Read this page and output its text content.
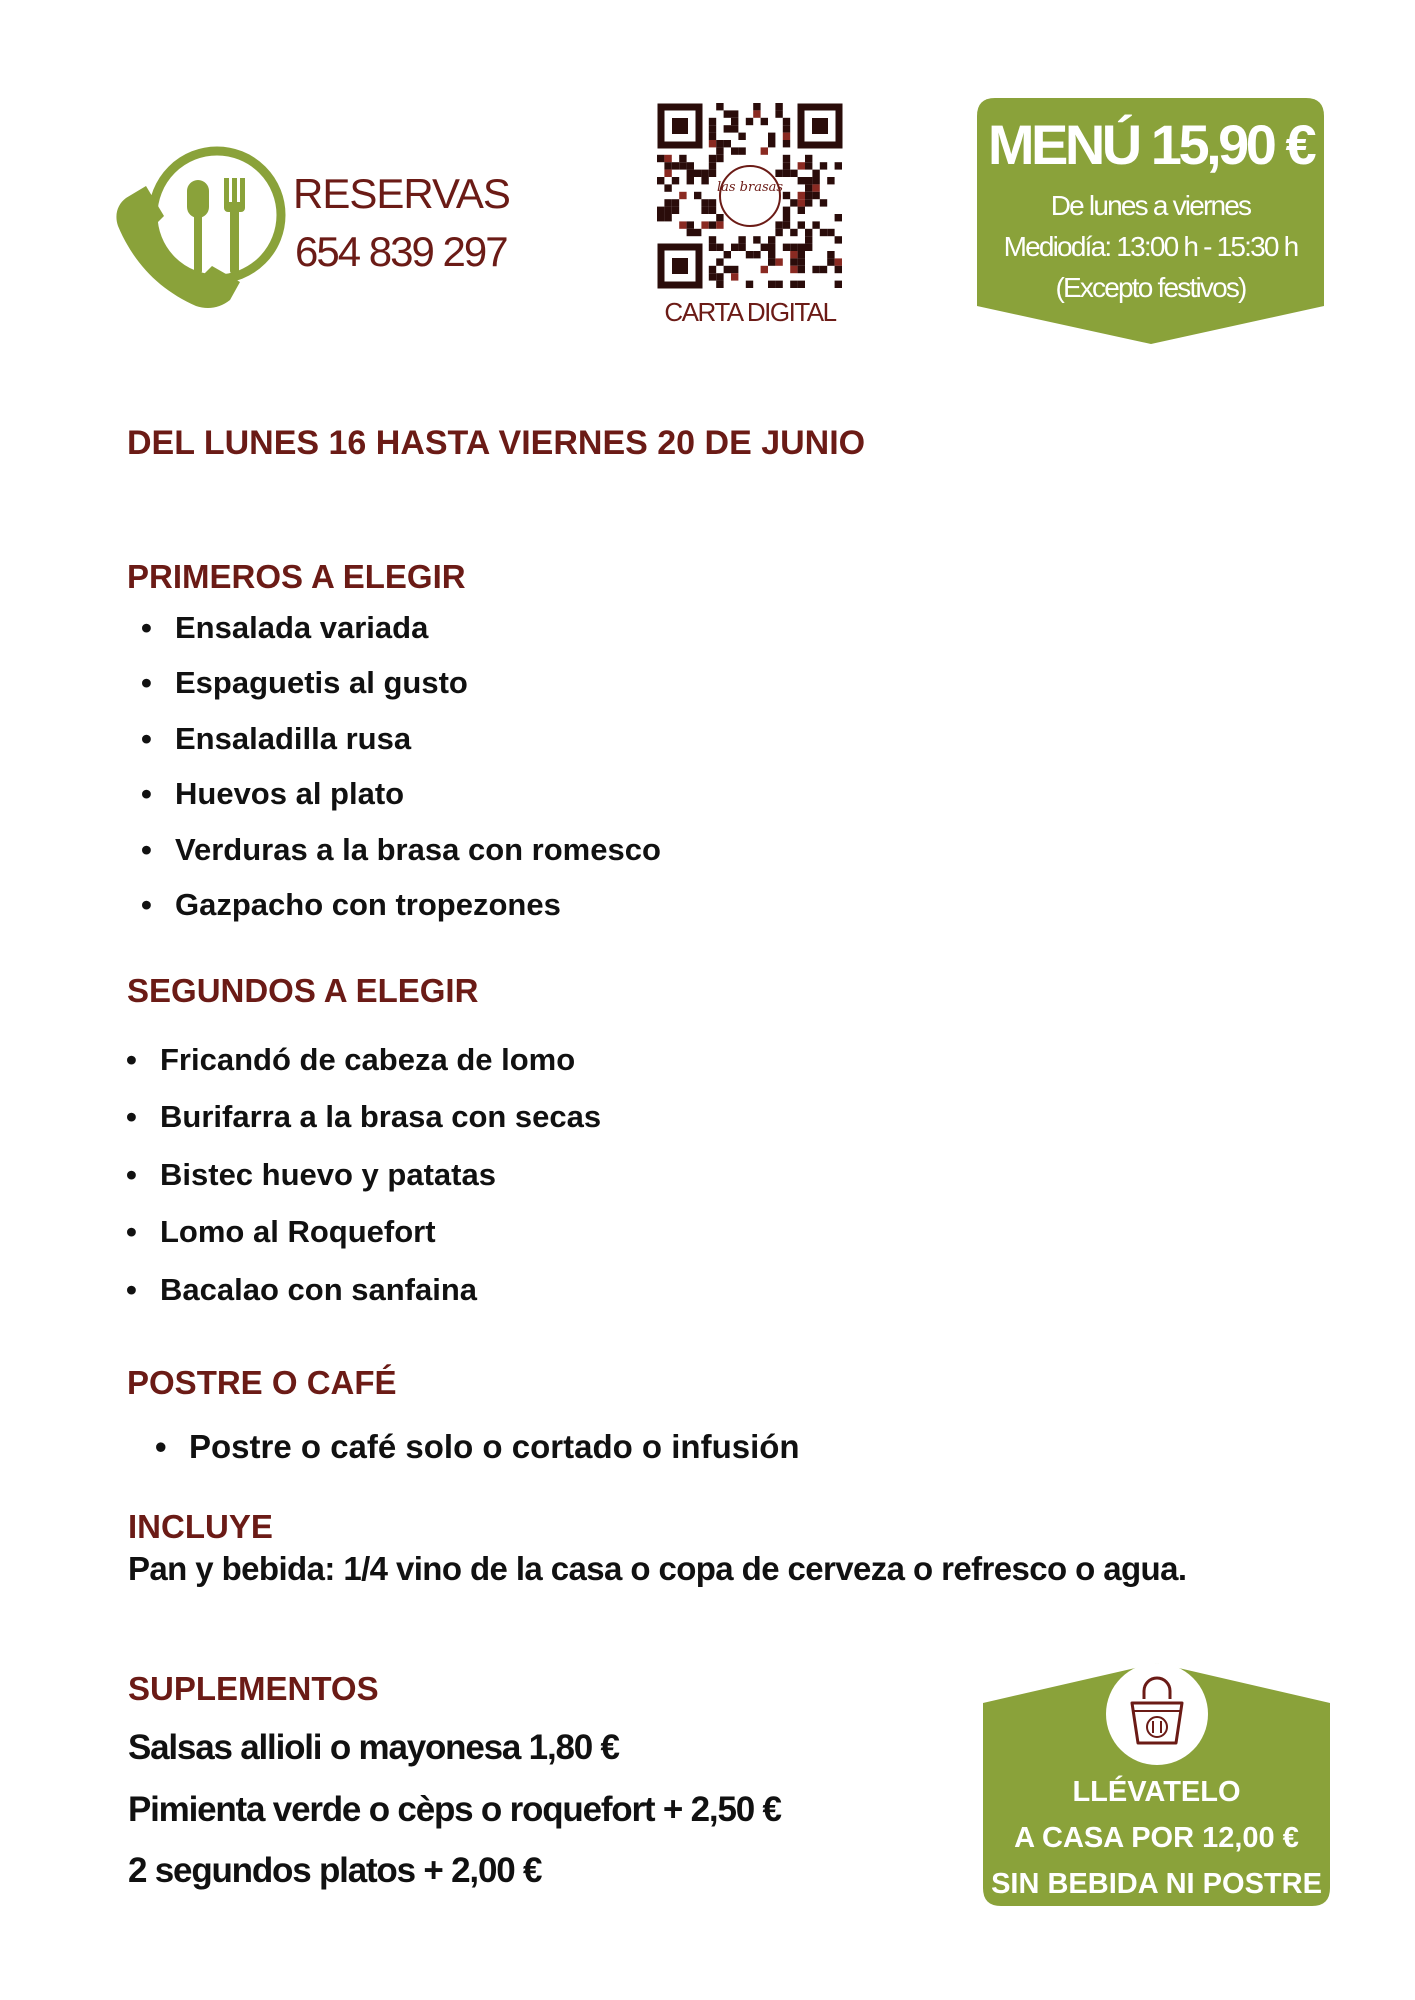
RESERVAS
654 839 297
las brasas
CARTA DIGITAL
MENÚ 15,90 €
De lunes a viernes
Mediodía: 13:00 h - 15:30 h
(Excepto festivos)
DEL LUNES 16 HASTA VIERNES 20 DE JUNIO
PRIMEROS A ELEGIR
• Ensalada variada
• Espaguetis al gusto
• Ensaladilla rusa
• Huevos al plato
• Verduras a la brasa con romesco
• Gazpacho con tropezones
SEGUNDOS A ELEGIR
• Fricandó de cabeza de lomo
• Burifarra a la brasa con secas
• Bistec huevo y patatas
• Lomo al Roquefort
• Bacalao con sanfaina
POSTRE O CAFÉ
• Postre o café solo o cortado o infusión
INCLUYE
Pan y bebida: 1/4 vino de la casa o copa de cerveza o refresco o agua.
SUPLEMENTOS
Salsas allioli o mayonesa 1,80 €
Pimienta verde o cèps o roquefort + 2,50 €
2 segundos platos + 2,00 €
LLÉVATELO
A CASA POR 12,00 €
SIN BEBIDA NI POSTRE
